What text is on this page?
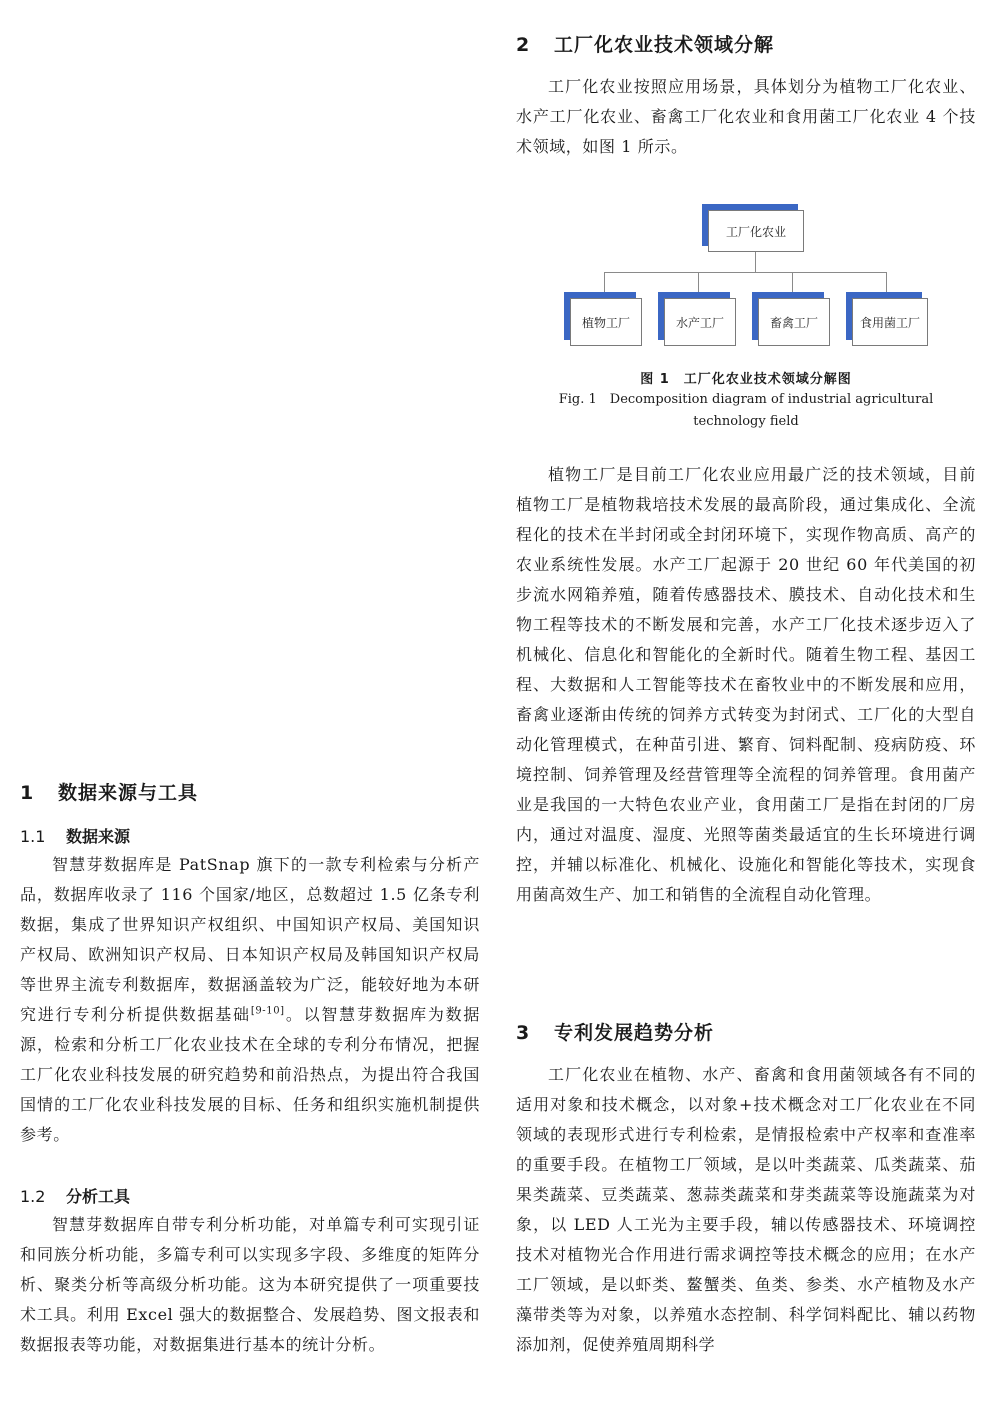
1 数据来源与工具
1.1 数据来源

智慧芽数据库是 PatSnap 旗下的一款专利检索与分析产品，数据库收录了 116 个国家/地区，总数超过 1.5 亿条专利数据，集成了世界知识产权组织、中国知识产权局、美国知识产权局、欧洲知识产权局、日本知识产权局及韩国知识产权局等世界主流专利数据库，数据涵盖较为广泛，能较好地为本研究进行专利分析提供数据基础[9-10]。以智慧芽数据库为数据源，检索和分析工厂化农业技术在全球的专利分布情况，把握工厂化农业科技发展的研究趋势和前沿热点，为提出符合我国国情的工厂化农业科技发展的目标、任务和组织实施机制提供参考。

1.2 分析工具

智慧芽数据库自带专利分析功能，对单篇专利可实现引证和同族分析功能，多篇专利可以实现多字段、多维度的矩阵分析、聚类分析等高级分析功能。这为本研究提供了一项重要技术工具。利用 Excel 强大的数据整合、发展趋势、图文报表和数据报表等功能，对数据集进行基本的统计分析。

2 工厂化农业技术领域分解

工厂化农业按照应用场景，具体划分为植物工厂化农业、水产工厂化农业、畜禽工厂化农业和食用菌工厂化农业 4 个技术领域，如图 1 所示。

工厂化农业
植物工厂	水产工厂	畜禽工厂	食用菌工厂
图 1　工厂化农业技术领域分解图
Fig. 1　Decomposition diagram of industrial agricultural
technology field

植物工厂是目前工厂化农业应用最广泛的技术领域，目前植物工厂是植物栽培技术发展的最高阶段，通过集成化、全流程化的技术在半封闭或全封闭环境下，实现作物高质、高产的农业系统性发展。水产工厂起源于 20 世纪 60 年代美国的初步流水网箱养殖，随着传感器技术、膜技术、自动化技术和生物工程等技术的不断发展和完善，水产工厂化技术逐步迈入了机械化、信息化和智能化的全新时代。随着生物工程、基因工程、大数据和人工智能等技术在畜牧业中的不断发展和应用，畜禽业逐渐由传统的饲养方式转变为封闭式、工厂化的大型自动化管理模式，在种苗引进、繁育、饲料配制、疫病防疫、环境控制、饲养管理及经营管理等全流程的饲养管理。食用菌产业是我国的一大特色农业产业，食用菌工厂是指在封闭的厂房内，通过对温度、湿度、光照等菌类最适宜的生长环境进行调控，并辅以标准化、机械化、设施化和智能化等技术，实现食用菌高效生产、加工和销售的全流程自动化管理。

3 专利发展趋势分析

工厂化农业在植物、水产、畜禽和食用菌领域各有不同的适用对象和技术概念，以对象+技术概念对工厂化农业在不同领域的表现形式进行专利检索，是情报检索中产权率和查准率的重要手段。在植物工厂领域，是以叶类蔬菜、瓜类蔬菜、茄果类蔬菜、豆类蔬菜、葱蒜类蔬菜和芽类蔬菜等设施蔬菜为对象，以 LED 人工光为主要手段，辅以传感器技术、环境调控技术对植物光合作用进行需求调控等技术概念的应用；在水产工厂领域，是以虾类、鳌蟹类、鱼类、参类、水产植物及水产藻带类等为对象，以养殖水态控制、科学饲料配比、辅以药物添加剂，促使养殖周期科学
